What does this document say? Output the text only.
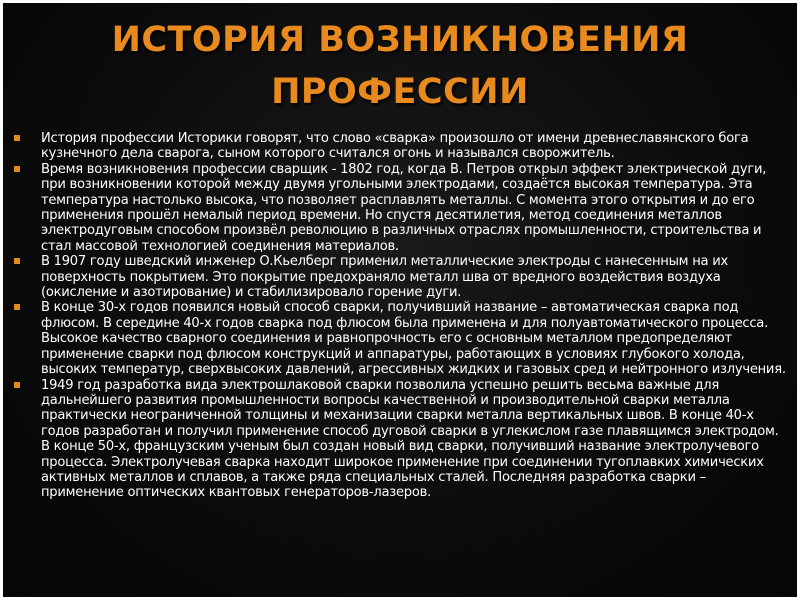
ИСТОРИЯ ВОЗНИКНОВЕНИЯ
ПРОФЕССИИ
История профессии Историки говорят, что слово «сварка» произошло от имени древнеславянского бога кузнечного дела сварога, сыном которого считался огонь и назывался сворожитель.
Время возникновения профессии сварщик - 1802 год, когда В. Петров открыл эффект электрической дуги, при возникновении которой между двумя угольными электродами, создаётся высокая температура. Эта температура настолько высока, что позволяет расплавлять металлы. С момента этого открытия и до его применения прошёл немалый период времени. Но спустя десятилетия, метод соединения металлов электродуговым способом произвёл революцию в различных отраслях промышленности, строительства и стал массовой технологией соединения материалов.
В 1907 году шведский инженер О.Кьелберг применил металлические электроды с нанесенным на их поверхность покрытием. Это покрытие предохраняло металл шва от вредного воздействия воздуха (окисление и азотирование) и стабилизировало горение дуги.
В конце 30-х годов появился новый способ сварки, получивший название – автоматическая сварка под флюсом. В середине 40-х годов сварка под флюсом была применена и для полуавтоматического процесса. Высокое качество сварного соединения и равнопрочность его с основным металлом предопределяют применение сварки под флюсом конструкций и аппаратуры, работающих в условиях глубокого холода, высоких температур, сверхвысоких давлений, агрессивных жидких и газовых сред и нейтронного излучения.
1949 год разработка вида электрошлаковой сварки позволила успешно решить весьма важные для дальнейшего развития промышленности вопросы качественной и производительной сварки металла практически неограниченной толщины и механизации сварки металла вертикальных швов. В конце 40-х годов разработан и получил применение способ дуговой сварки в углекислом газе плавящимся электродом. В конце 50-х, французским ученым был создан новый вид сварки, получивший название электролучевого процесса. Электролучевая сварка находит широкое применение при соединении тугоплавких химических активных металлов и сплавов, а также ряда специальных сталей. Последняя разработка сварки – применение оптических квантовых генераторов-лазеров.
